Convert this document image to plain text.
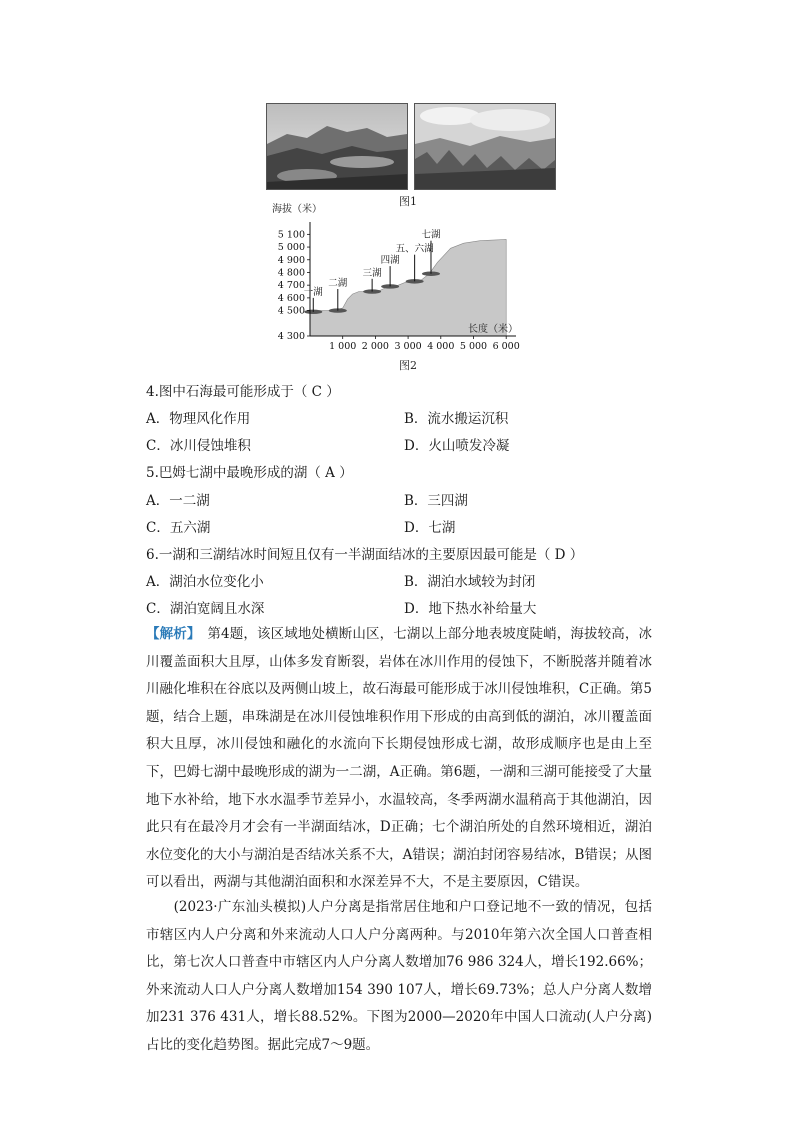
图1
海拔（米）
一湖
二湖
三湖
四湖
五、六湖
七湖
4 300
4 500
4 600
4 700
4 800
4 900
5 000
5 100
1 000 2 000 3 000 4 000 5 000 6 000
长度（米）
图2
4.图中石海最可能形成于（ C ）
A．物理风化作用	B．流水搬运沉积
C．冰川侵蚀堆积	D．火山喷发冷凝
5.巴姆七湖中最晚形成的湖（ A ）
A．一二湖	B．三四湖
C．五六湖	D．七湖
6.一湖和三湖结冰时间短且仅有一半湖面结冰的主要原因最可能是（ D ）
A．湖泊水位变化小	B．湖泊水域较为封闭
C．湖泊宽阔且水深	D．地下热水补给量大
【解析】　第4题，该区域地处横断山区，七湖以上部分地表坡度陡峭，海拔较高，冰川覆盖面积大且厚，山体多发育断裂，岩体在冰川作用的侵蚀下，不断脱落并随着冰川融化堆积在谷底以及两侧山坡上，故石海最可能形成于冰川侵蚀堆积，C正确。第5题，结合上题，串珠湖是在冰川侵蚀堆积作用下形成的由高到低的湖泊，冰川覆盖面积大且厚，冰川侵蚀和融化的水流向下长期侵蚀形成七湖，故形成顺序也是由上至下，巴姆七湖中最晚形成的湖为一二湖，A正确。第6题，一湖和三湖可能接受了大量地下水补给，地下水水温季节差异小，水温较高，冬季两湖水温稍高于其他湖泊，因此只有在最冷月才会有一半湖面结冰，D正确；七个湖泊所处的自然环境相近，湖泊水位变化的大小与湖泊是否结冰关系不大，A错误；湖泊封闭容易结冰，B错误；从图可以看出，两湖与其他湖泊面积和水深差异不大，不是主要原因，C错误。
　　(2023·广东汕头模拟)人户分离是指常居住地和户口登记地不一致的情况，包括市辖区内人户分离和外来流动人口人户分离两种。与2010年第六次全国人口普查相比，第七次人口普查中市辖区内人户分离人数增加76 986 324人，增长192.66%；外来流动人口人户分离人数增加154 390 107人，增长69.73%；总人户分离人数增加231 376 431人，增长88.52%。下图为2000—2020年中国人口流动(人户分离)占比的变化趋势图。据此完成7～9题。
